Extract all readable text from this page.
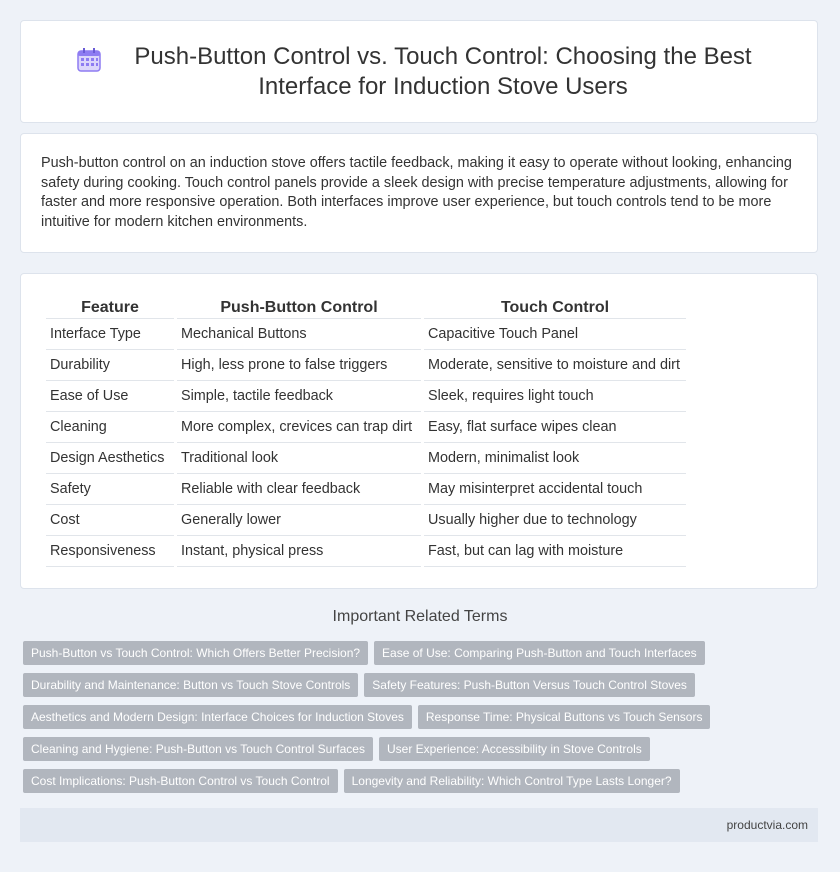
Push-Button Control vs. Touch Control: Choosing the Best Interface for Induction Stove Users

Push-button control on an induction stove offers tactile feedback, making it easy to operate without looking, enhancing safety during cooking. Touch control panels provide a sleek design with precise temperature adjustments, allowing for faster and more responsive operation. Both interfaces improve user experience, but touch controls tend to be more intuitive for modern kitchen environments.

Feature	Push-Button Control	Touch Control
Interface Type	Mechanical Buttons	Capacitive Touch Panel
Durability	High, less prone to false triggers	Moderate, sensitive to moisture and dirt
Ease of Use	Simple, tactile feedback	Sleek, requires light touch
Cleaning	More complex, crevices can trap dirt	Easy, flat surface wipes clean
Design Aesthetics	Traditional look	Modern, minimalist look
Safety	Reliable with clear feedback	May misinterpret accidental touch
Cost	Generally lower	Usually higher due to technology
Responsiveness	Instant, physical press	Fast, but can lag with moisture
Important Related Terms
Push-Button vs Touch Control: Which Offers Better Precision? Ease of Use: Comparing Push-Button and Touch Interfaces
Durability and Maintenance: Button vs Touch Stove Controls Safety Features: Push-Button Versus Touch Control Stoves
Aesthetics and Modern Design: Interface Choices for Induction Stoves Response Time: Physical Buttons vs Touch Sensors
Cleaning and Hygiene: Push-Button vs Touch Control Surfaces User Experience: Accessibility in Stove Controls
Cost Implications: Push-Button Control vs Touch Control Longevity and Reliability: Which Control Type Lasts Longer?
productvia.com
